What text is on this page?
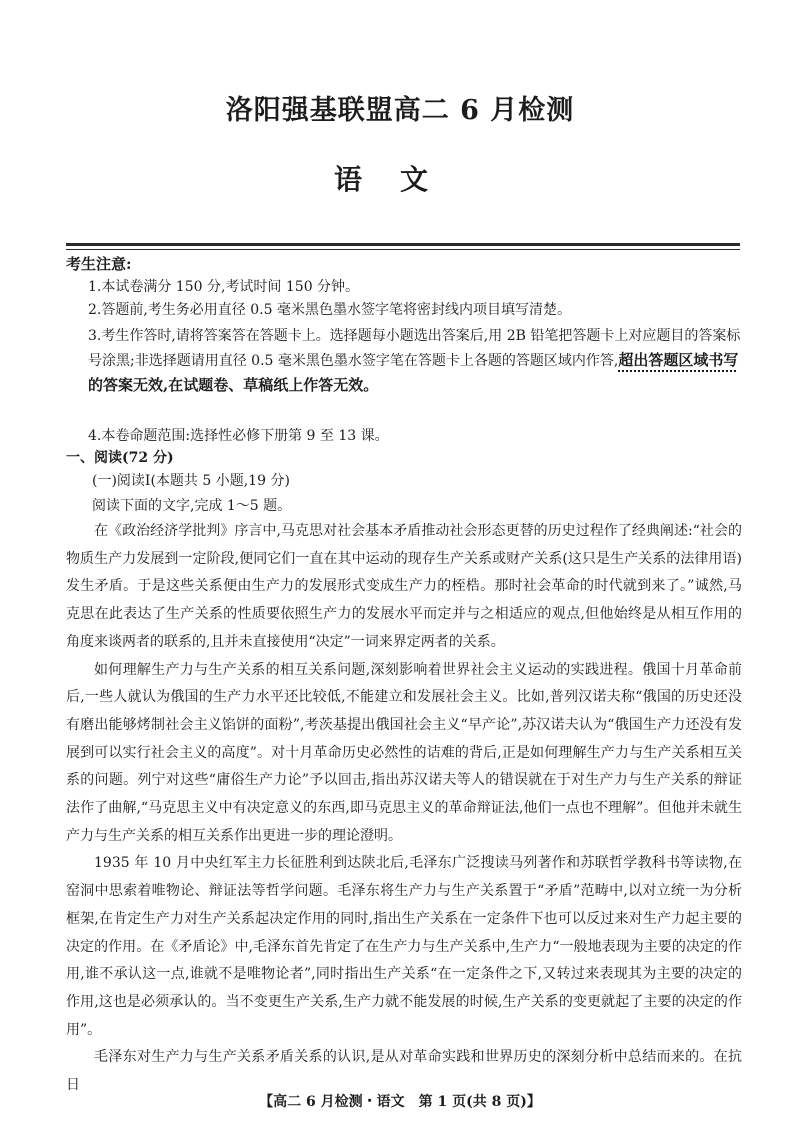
洛阳强基联盟高二 6 月检测
语文
考生注意:
1.本试卷满分 150 分,考试时间 150 分钟。
2.答题前,考生务必用直径 0.5 毫米黑色墨水签字笔将密封线内项目填写清楚。
3.考生作答时,请将答案答在答题卡上。选择题每小题选出答案后,用 2B 铅笔把答题卡上对应题目的答案标号涂黑;非选择题请用直径 0.5 毫米黑色墨水签字笔在答题卡上各题的答题区域内作答,超出答题区域书写的答案无效,在试题卷、草稿纸上作答无效。
4.本卷命题范围:选择性必修下册第 9 至 13 课。
一、阅读(72 分)
(一)阅读Ⅰ(本题共 5 小题,19 分)
阅读下面的文字,完成 1～5 题。

在《政治经济学批判》序言中,马克思对社会基本矛盾推动社会形态更替的历史过程作了经典阐述:“社会的物质生产力发展到一定阶段,便同它们一直在其中运动的现存生产关系或财产关系(这只是生产关系的法律用语)发生矛盾。于是这些关系便由生产力的发展形式变成生产力的桎梏。那时社会革命的时代就到来了。”诚然,马克思在此表达了生产关系的性质要依照生产力的发展水平而定并与之相适应的观点,但他始终是从相互作用的角度来谈两者的联系的,且并未直接使用“决定”一词来界定两者的关系。

如何理解生产力与生产关系的相互关系问题,深刻影响着世界社会主义运动的实践进程。俄国十月革命前后,一些人就认为俄国的生产力水平还比较低,不能建立和发展社会主义。比如,普列汉诺夫称“俄国的历史还没有磨出能够烤制社会主义馅饼的面粉”,考茨基提出俄国社会主义“早产论”,苏汉诺夫认为“俄国生产力还没有发展到可以实行社会主义的高度”。对十月革命历史必然性的诘难的背后,正是如何理解生产力与生产关系相互关系的问题。列宁对这些“庸俗生产力论”予以回击,指出苏汉诺夫等人的错误就在于对生产力与生产关系的辩证法作了曲解,“马克思主义中有决定意义的东西,即马克思主义的革命辩证法,他们一点也不理解”。但他并未就生产力与生产关系的相互关系作出更进一步的理论澄明。

1935 年 10 月中央红军主力长征胜利到达陕北后,毛泽东广泛搜读马列著作和苏联哲学教科书等读物,在窑洞中思索着唯物论、辩证法等哲学问题。毛泽东将生产力与生产关系置于“矛盾”范畴中,以对立统一为分析框架,在肯定生产力对生产关系起决定作用的同时,指出生产关系在一定条件下也可以反过来对生产力起主要的决定的作用。在《矛盾论》中,毛泽东首先肯定了在生产力与生产关系中,生产力“一般地表现为主要的决定的作用,谁不承认这一点,谁就不是唯物论者”,同时指出生产关系“在一定条件之下,又转过来表现其为主要的决定的作用,这也是必须承认的。当不变更生产关系,生产力就不能发展的时候,生产关系的变更就起了主要的决定的作用”。

毛泽东对生产力与生产关系矛盾关系的认识,是从对革命实践和世界历史的深刻分析中总结而来的。在抗日

【高二 6 月检测・语文　第 1 页(共 8 页)】
